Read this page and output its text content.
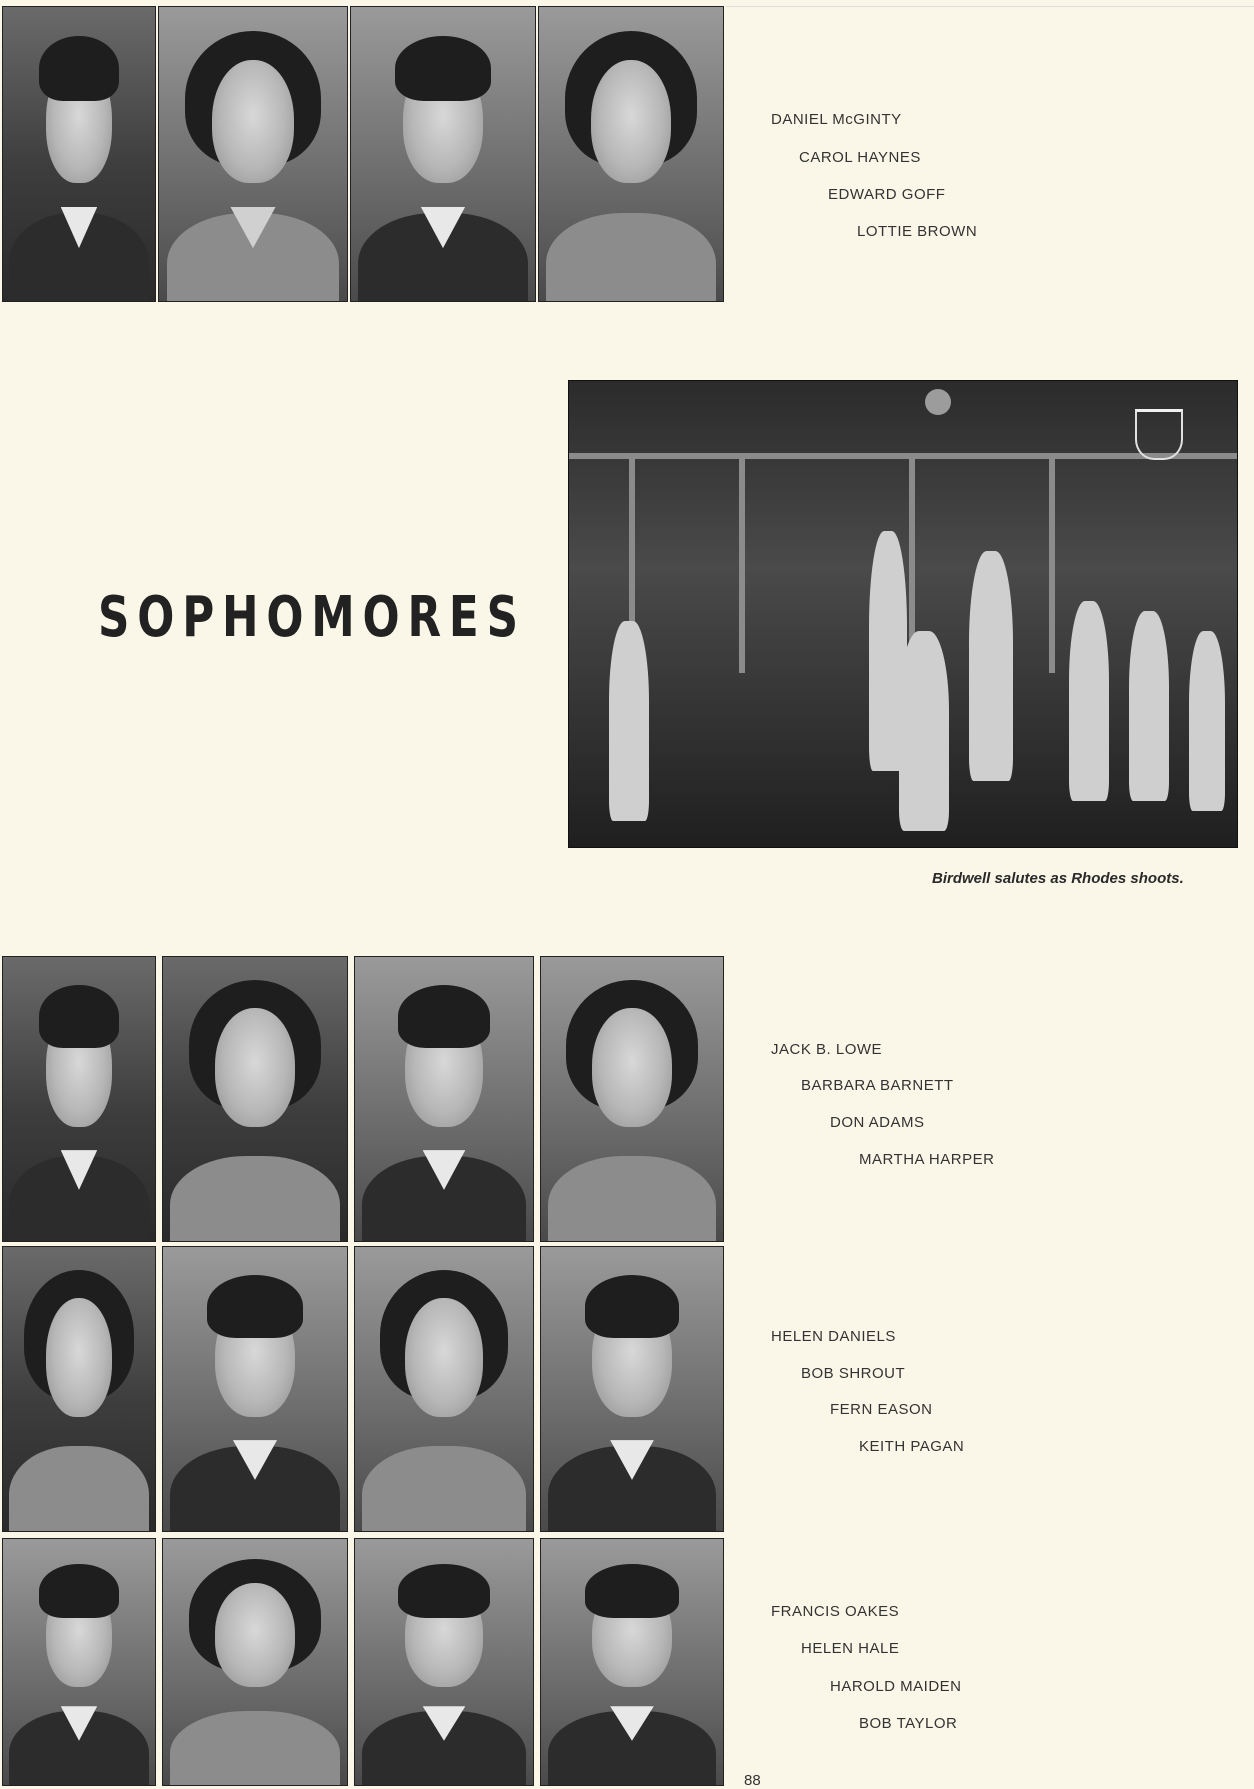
DANIEL McGINTY
CAROL HAYNES
EDWARD GOFF
LOTTIE BROWN
SOPHOMORES
Birdwell salutes as Rhodes shoots.
JACK B. LOWE
BARBARA BARNETT
DON ADAMS
MARTHA HARPER
HELEN DANIELS
BOB SHROUT
FERN EASON
KEITH PAGAN
FRANCIS OAKES
HELEN HALE
HAROLD MAIDEN
BOB TAYLOR
88
